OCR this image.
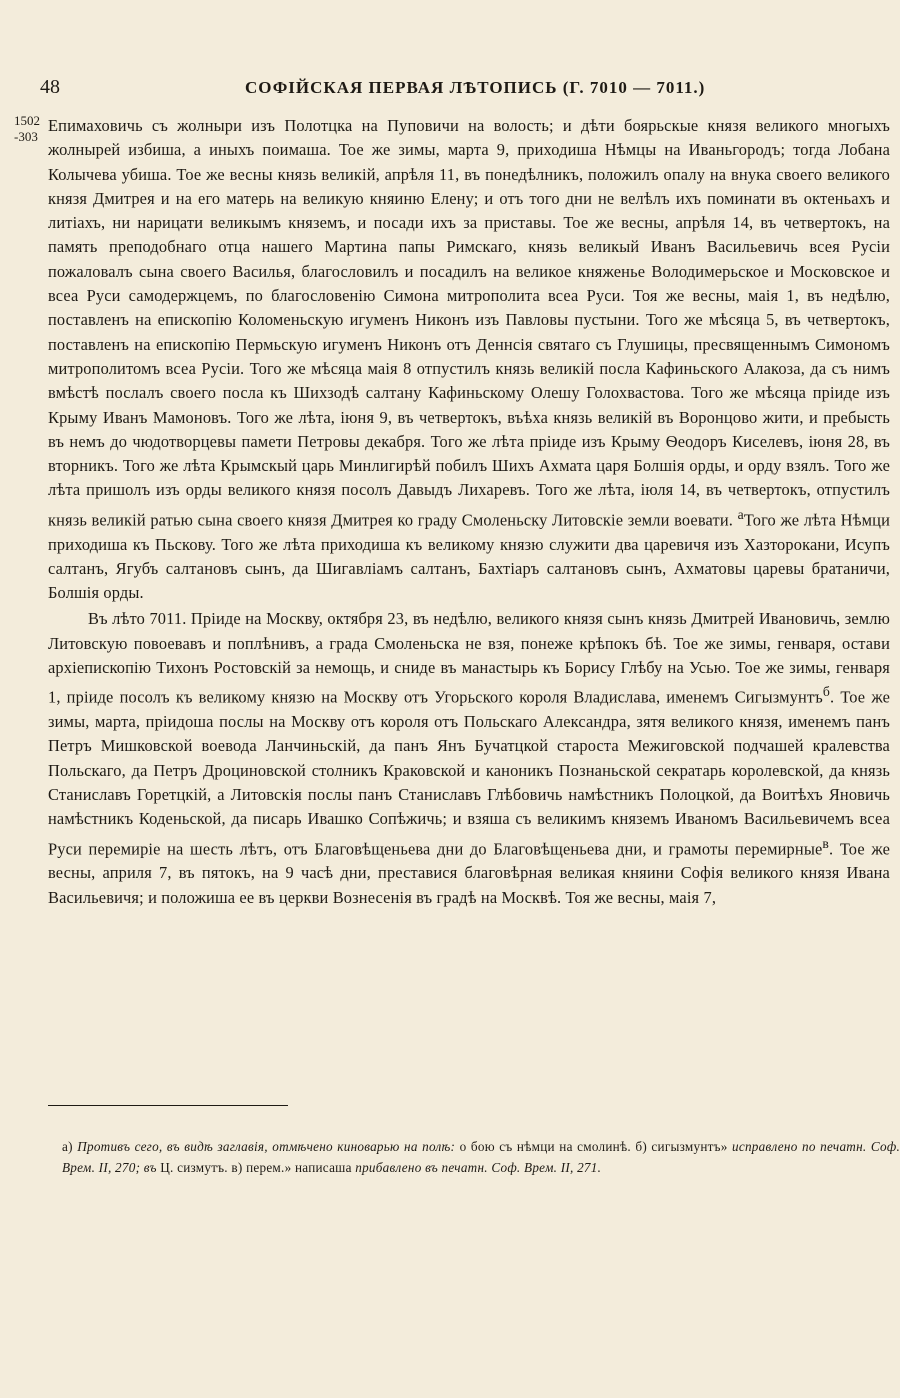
48	СОФІЙСКАЯ ПЕРВАЯ ЛѢТОПИСЬ (Г. 7010 — 7011.)
1502
-303

Епимаховичь съ жолныри изъ Полотцка на Пуповичи на волость; и дѣти боярьскые князя великого многыхъ жолнырей избиша, а иныхъ поимаша. Тое же зимы, марта 9, приходиша Нѣмцы на Иваньгородъ; тогда Лобана Колычева убиша. Тое же весны князь великій, апрѣля 11, въ понедѣлникъ, положилъ опалу на внука своего великого князя Дмитрея и на его матерь на великую княиню Елену; и отъ того дни не велѣлъ ихъ поминати въ октеньахъ и литіахъ, ни нарицати великымъ княземъ, и посади ихъ за приставы. Тое же весны, апрѣля 14, въ четвертокъ, на память преподобнаго отца нашего Мартина папы Римскаго, князь великый Иванъ Васильевичь всея Русіи пожаловалъ сына своего Василья, благословилъ и посадилъ на великое княженье Володимерьское и Московское и всеа Руси самодержцемъ, по благословенію Симона митрополита всеа Руси. Тоя же весны, маія 1, въ недѣлю, поставленъ на епископію Коломеньскую игуменъ Никонъ изъ Павловы пустыни. Того же мѣсяца 5, въ четвертокъ, поставленъ на епископію Пермьскую игуменъ Никонъ отъ Деннсія святаго съ Глушицы, пресвященнымъ Симономъ митрополитомъ всеа Русіи. Того же мѣсяца маія 8 отпустилъ князь великій посла Кафиньского Алакоза, да съ нимъ вмѣстѣ послалъ своего посла къ Шихзодѣ салтану Кафиньскому Олешу Голохвастова. Того же мѣсяца пріиде изъ Крыму Иванъ Мамоновъ. Того же лѣта, іюня 9, въ четвертокъ, въѣха князь великій въ Воронцово жити, и пребысть въ немъ до чюдотворцевы памети Петровы декабря. Того же лѣта пріиде изъ Крыму Ѳеодоръ Киселевъ, іюня 28, въ вторникъ. Того же лѣта Крымскый царь Минлигирѣй побилъ Шихъ Ахмата царя Болшія орды, и орду взялъ. Того же лѣта пришолъ изъ орды великого князя посолъ Давыдъ Лихаревъ. Того же лѣта, іюля 14, въ четвертокъ, отпустилъ князь великій ратью сына своего князя Дмитрея ко граду Смоленьску Литовскіе земли воевати. $^а$Того же лѣта Нѣмци приходиша къ Пьскову. Того же лѣта приходиша къ великому князю служити два царевичя изъ Хазторокани, Исупъ салтанъ, Ягубъ салтановъ сынъ, да Шигавліамъ салтанъ, Бахтіаръ салтановъ сынъ, Ахматовы царевы братаничи, Болшія орды.

Въ лѣто 7011. Пріиде на Москву, октября 23, въ недѣлю, великого князя сынъ князь Дмитрей Ивановичь, землю Литовскую повоевавъ и поплѣнивъ, а града Смоленьска не взя, понеже крѣпокъ бѣ. Тое же зимы, генваря, остави архіепископію Тихонъ Ростовскій за немощь, и сниде въ манастырь къ Борису Глѣбу на Усью. Тое же зимы, генваря 1, пріиде посолъ къ великому князю на Москву отъ Угорьского короля Владислава, именемъ Сигызмунтъ$^б$. Тое же зимы, марта, пріидоша послы на Москву отъ короля отъ Польскаго Александра, зятя великого князя, именемъ панъ Петръ Мишковской воевода Ланчиньскій, да панъ Янъ Бучатцкой староста Межиговской подчашей кралевства Польскаго, да Петръ Дроциновской столникъ Краковской и каноникъ Познаньской секратарь королевской, да князь Станиславъ Горетцкій, а Литовскія послы панъ Станиславъ Глѣбовичь намѣстникъ Полоцкой, да Воитѣхъ Яновичь намѣстникъ Коденьской, да писарь Ивашко Сопѣжичь; и взяша съ великимъ княземъ Иваномъ Васильевичемъ всеа Руси перемиріе на шесть лѣтъ, отъ Благовѣщеньева дни до Благовѣщеньева дни, и грамоты перемирные$^в$. Тое же весны, априля 7, въ пятокъ, на 9 часѣ дни, преставися благовѣрная великая княини Софія великого князя Ивана Васильевичя; и положиша ее въ церкви Вознесенія въ градѣ на Москвѣ. Тоя же весны, маія 7,

а) Противъ сего, въ видѣ заглавія, отмѣчено киноварью на полѣ: о бою съ нѣмци на смолинѣ. б) сигызмунтъ» исправлено по печатн. Соф. Врем. II, 270; въ Ц. сизмутъ. в) перем.» написаша прибавлено въ печатн. Соф. Врем. II, 271.
